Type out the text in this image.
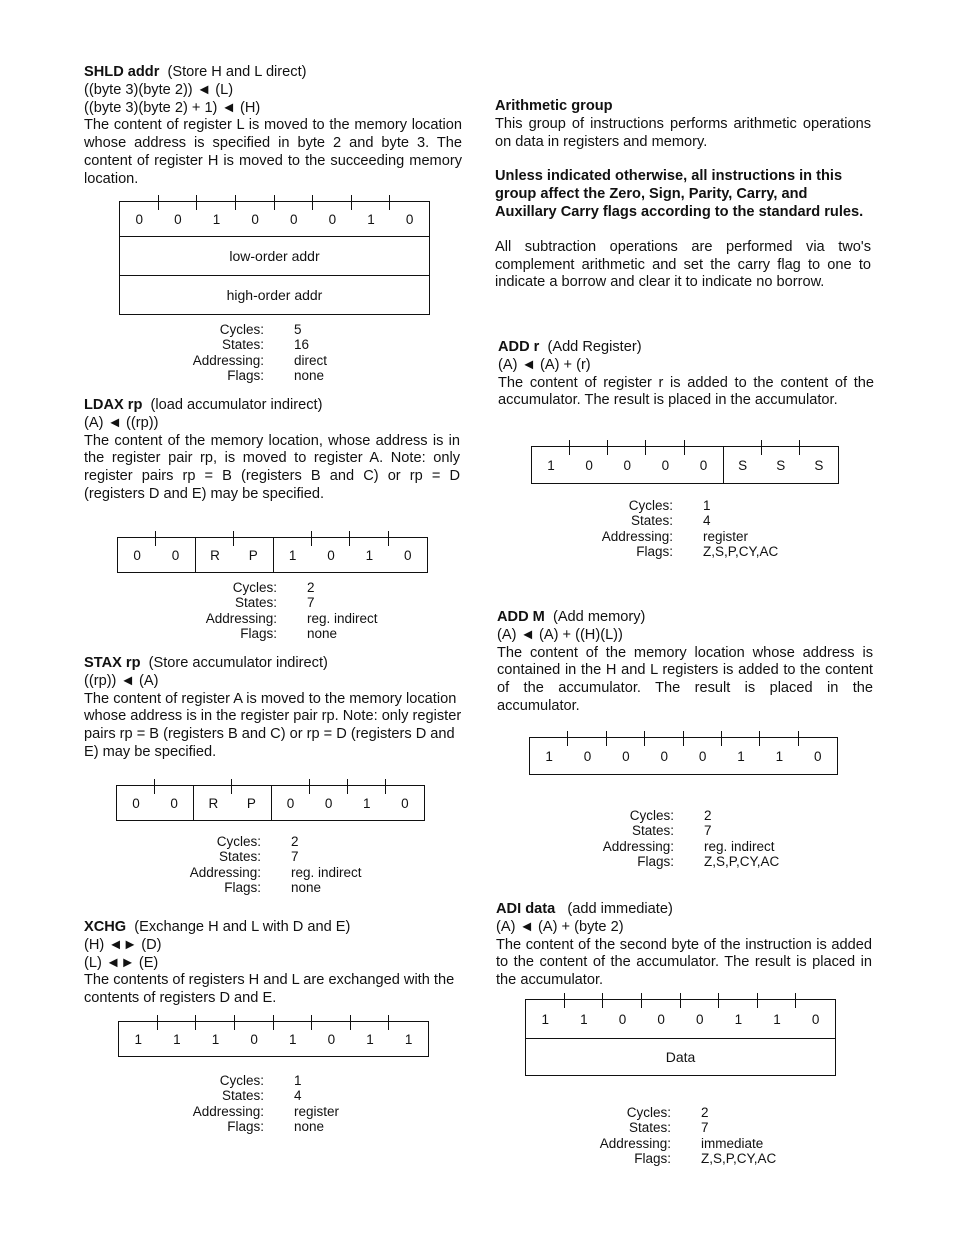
SHLD addr (Store H and L direct)
((byte 3)(byte 2)) ◄ (L)
((byte 3)(byte 2) + 1) ◄ (H)

The content of register L is moved to the memory location whose address is specified in byte 2 and byte 3. The content of register H is moved to the succeeding memory location.

0	0	1	0	0	0	1	0
low-order addr
high-order addr
Cycles:	5
States:	16
Addressing:	direct
Flags:	none
LDAX rp (load accumulator indirect)
(A) ◄ ((rp))

The content of the memory location, whose address is in the register pair rp, is moved to register A. Note: only register pairs rp = B (registers B and C) or rp = D (registers D and E) may be specified.

0	0	R	P	1	0	1	0
Cycles:	2
States:	7
Addressing:	reg. indirect
Flags:	none
STAX rp (Store accumulator indirect)
((rp)) ◄ (A)

The content of register A is moved to the memory location whose address is in the register pair rp. Note: only register pairs rp = B (registers B and C) or rp = D (registers D and E) may be specified.

0	0	R	P	0	0	1	0
Cycles:	2
States:	7
Addressing:	reg. indirect
Flags:	none
XCHG (Exchange H and L with D and E)
(H) ◄► (D)
(L) ◄► (E)

The contents of registers H and L are exchanged with the contents of registers D and E.

1	1	1	0	1	0	1	1
Cycles:	1
States:	4
Addressing:	register
Flags:	none
Arithmetic group

This group of instructions performs arithmetic operations on data in registers and memory.

Unless indicated otherwise, all instructions in this group affect the Zero, Sign, Parity, Carry, and Auxillary Carry flags according to the standard rules.

All subtraction operations are performed via two's complement arithmetic and set the carry flag to one to indicate a borrow and clear it to indicate no borrow.

ADD r (Add Register)
(A) ◄ (A) + (r)

The content of register r is added to the content of the accumulator. The result is placed in the accumulator.

1	0	0	0	0	S	S	S
Cycles:	1
States:	4
Addressing:	register
Flags:	Z,S,P,CY,AC
ADD M (Add memory)
(A) ◄ (A) + ((H)(L))

The content of the memory location whose address is contained in the H and L registers is added to the content of the accumulator. The result is placed in the accumulator.

1	0	0	0	0	1	1	0
Cycles:	2
States:	7
Addressing:	reg. indirect
Flags:	Z,S,P,CY,AC
ADI data (add immediate)
(A) ◄ (A) + (byte 2)

The content of the second byte of the instruction is added to the content of the accumulator. The result is placed in the accumulator.

1	1	0	0	0	1	1	0
Data
Cycles:	2
States:	7
Addressing:	immediate
Flags:	Z,S,P,CY,AC
